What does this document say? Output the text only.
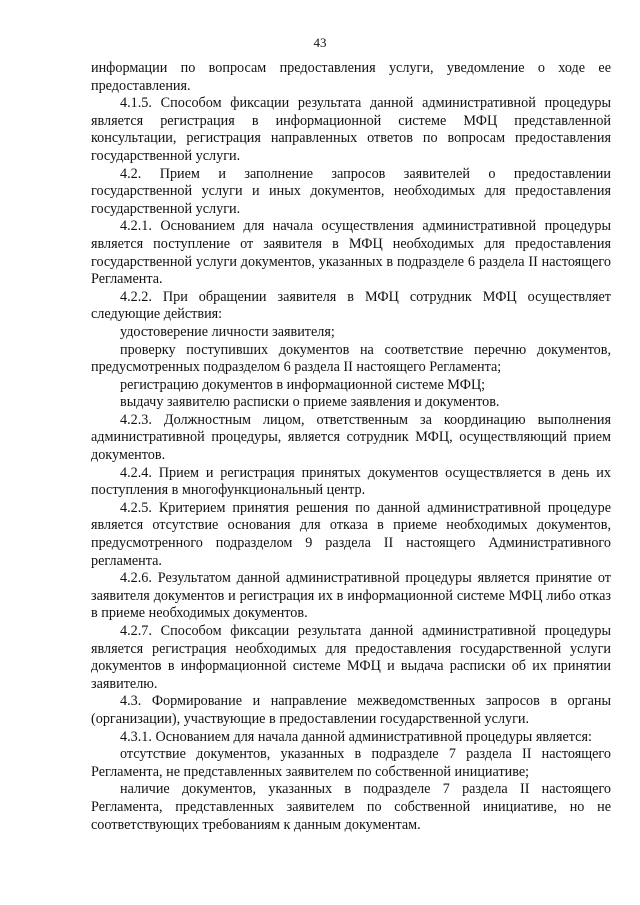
43

информации по вопросам предоставления услуги, уведомление о ходе ее предоставления.

4.1.5. Способом фиксации результата данной административной процедуры является регистрация в информационной системе МФЦ представленной консультации, регистрация направленных ответов по вопросам предоставления государственной услуги.

4.2. Прием и заполнение запросов заявителей о предоставлении государственной услуги и иных документов, необходимых для предоставления государственной услуги.

4.2.1. Основанием для начала осуществления административной процедуры является поступление от заявителя в МФЦ необходимых для предоставления государственной услуги документов, указанных в подразделе 6 раздела II настоящего Регламента.

4.2.2. При обращении заявителя в МФЦ сотрудник МФЦ осуществляет следующие действия:

удостоверение личности заявителя;

проверку поступивших документов на соответствие перечню документов, предусмотренных подразделом 6 раздела II настоящего Регламента;

регистрацию документов в информационной системе МФЦ;

выдачу заявителю расписки о приеме заявления и документов.

4.2.3. Должностным лицом, ответственным за координацию выполнения административной процедуры, является сотрудник МФЦ, осуществляющий прием документов.

4.2.4. Прием и регистрация принятых документов осуществляется в день их поступления в многофункциональный центр.

4.2.5. Критерием принятия решения по данной административной процедуре является отсутствие основания для отказа в приеме необходимых документов, предусмотренного подразделом 9 раздела II настоящего Административного регламента.

4.2.6. Результатом данной административной процедуры является принятие от заявителя документов и регистрация их в информационной системе МФЦ либо отказ в приеме необходимых документов.

4.2.7. Способом фиксации результата данной административной процедуры является регистрация необходимых для предоставления государственной услуги документов в информационной системе МФЦ и выдача расписки об их принятии заявителю.

4.3. Формирование и направление межведомственных запросов в органы (организации), участвующие в предоставлении государственной услуги.

4.3.1. Основанием для начала данной административной процедуры является:

отсутствие документов, указанных в подразделе 7 раздела II настоящего Регламента, не представленных заявителем по собственной инициативе;

наличие документов, указанных в подразделе 7 раздела II настоящего Регламента, представленных заявителем по собственной инициативе, но не соответствующих требованиям к данным документам.
